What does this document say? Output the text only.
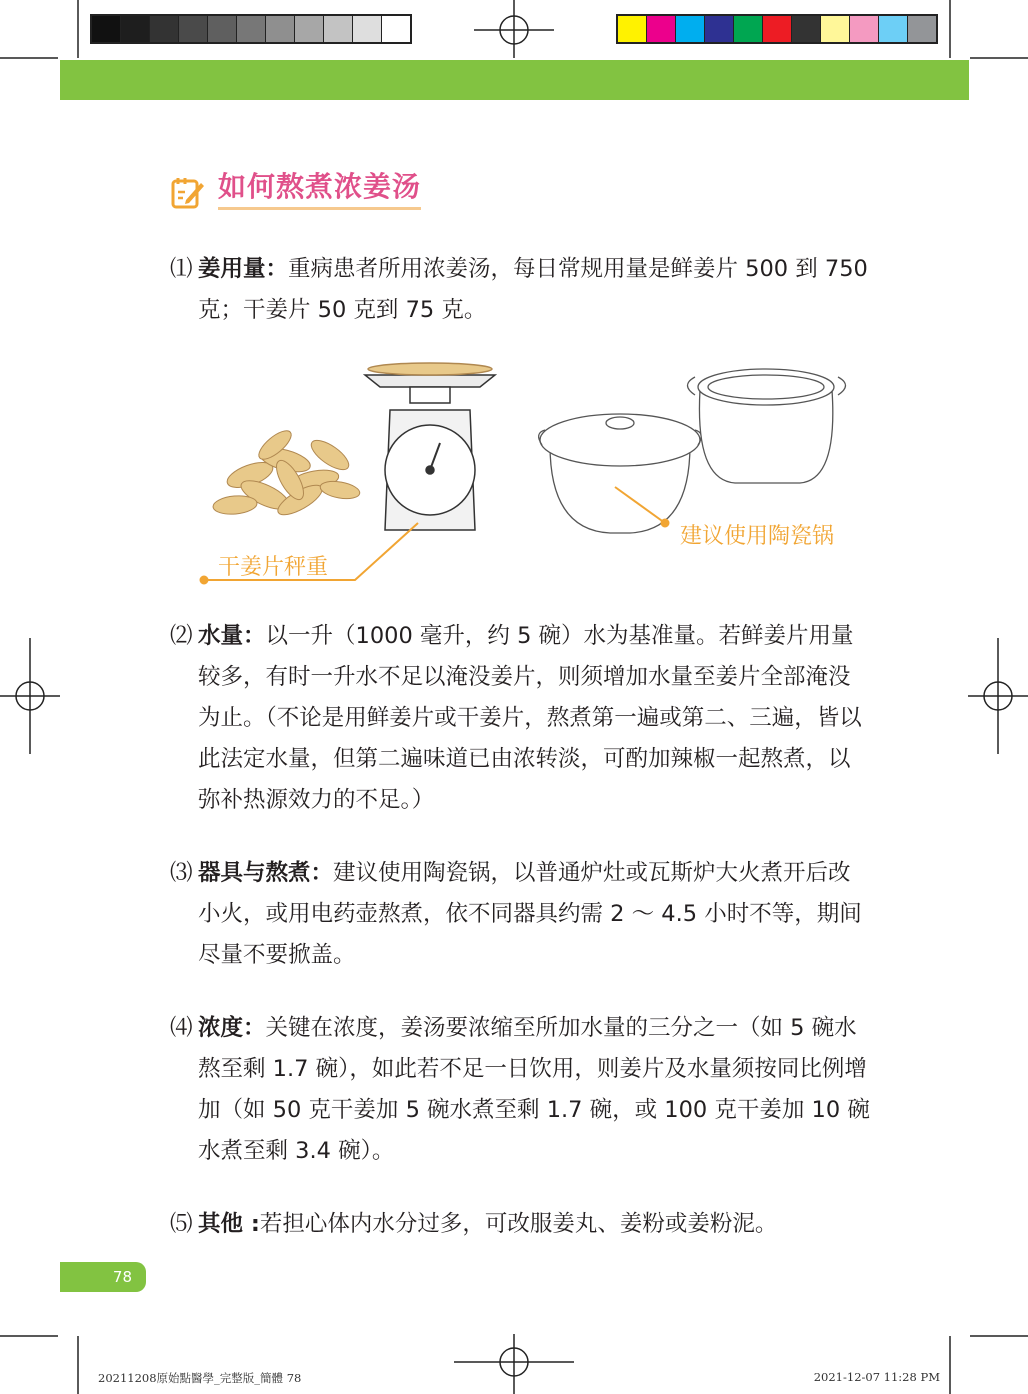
如何熬煮浓姜汤
⑴ 姜用量：重病患者所用浓姜汤，每日常规用量是鲜姜片 500 到 750 克；干姜片 50 克到 75 克。
干姜片秤重
建议使用陶瓷锅
⑵ 水量：以一升（1000 毫升，约 5 碗）水为基准量。若鲜姜片用量较多，有时一升水不足以淹没姜片，则须增加水量至姜片全部淹没为止。（不论是用鲜姜片或干姜片，熬煮第一遍或第二、三遍，皆以此法定水量，但第二遍味道已由浓转淡，可酌加辣椒一起熬煮，以弥补热源效力的不足。）
⑶ 器具与熬煮：建议使用陶瓷锅，以普通炉灶或瓦斯炉大火煮开后改小火，或用电药壶熬煮，依不同器具约需 2 ～ 4.5 小时不等，期间尽量不要掀盖。
⑷ 浓度：关键在浓度，姜汤要浓缩至所加水量的三分之一（如 5 碗水熬至剩 1.7 碗），如此若不足一日饮用，则姜片及水量须按同比例增加（如 50 克干姜加 5 碗水煮至剩 1.7 碗，或 100 克干姜加 10 碗水煮至剩 3.4 碗）。
⑸ 其他 :若担心体内水分过多，可改服姜丸、姜粉或姜粉泥。
78
20211208原始點醫學_完整版_簡體 78	2021-12-07 11:28 PM
